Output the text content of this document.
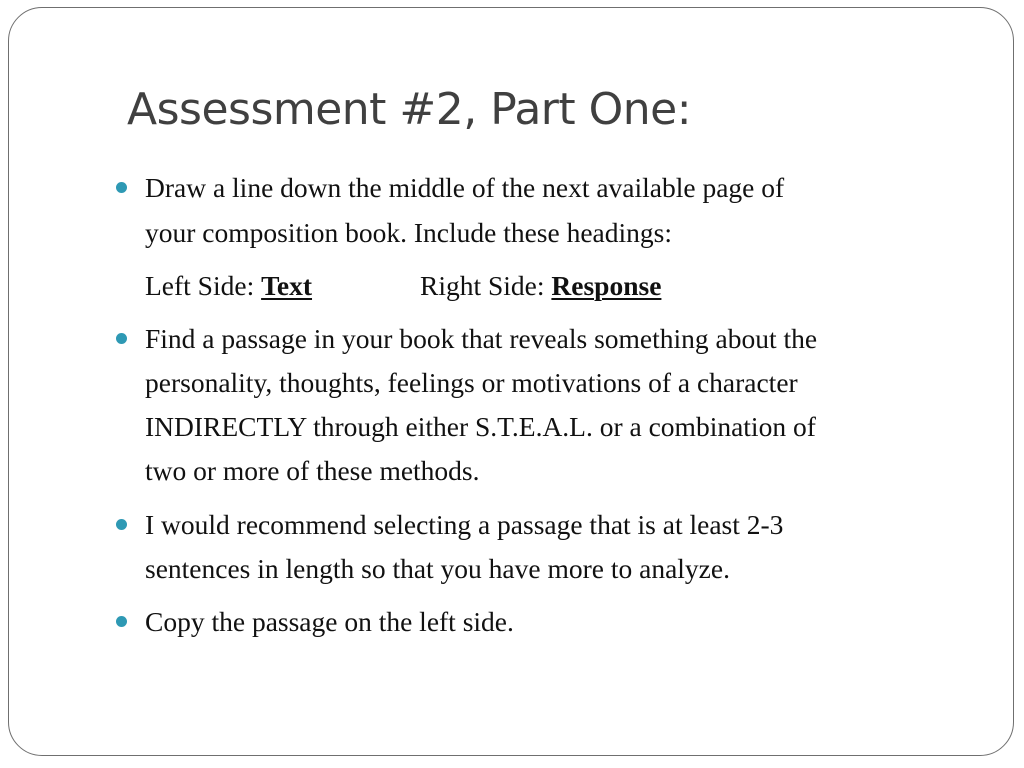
Assessment #2, Part One:

Draw a line down the middle of the next available page of

your composition book. Include these headings:

Left Side: Text	Right Side: Response

Find a passage in your book that reveals something about the

personality, thoughts, feelings or motivations of a character

INDIRECTLY through either S.T.E.A.L. or a combination of

two or more of these methods.

I would recommend selecting a passage that is at least 2-3

sentences in length so that you have more to analyze.

Copy the passage on the left side.
